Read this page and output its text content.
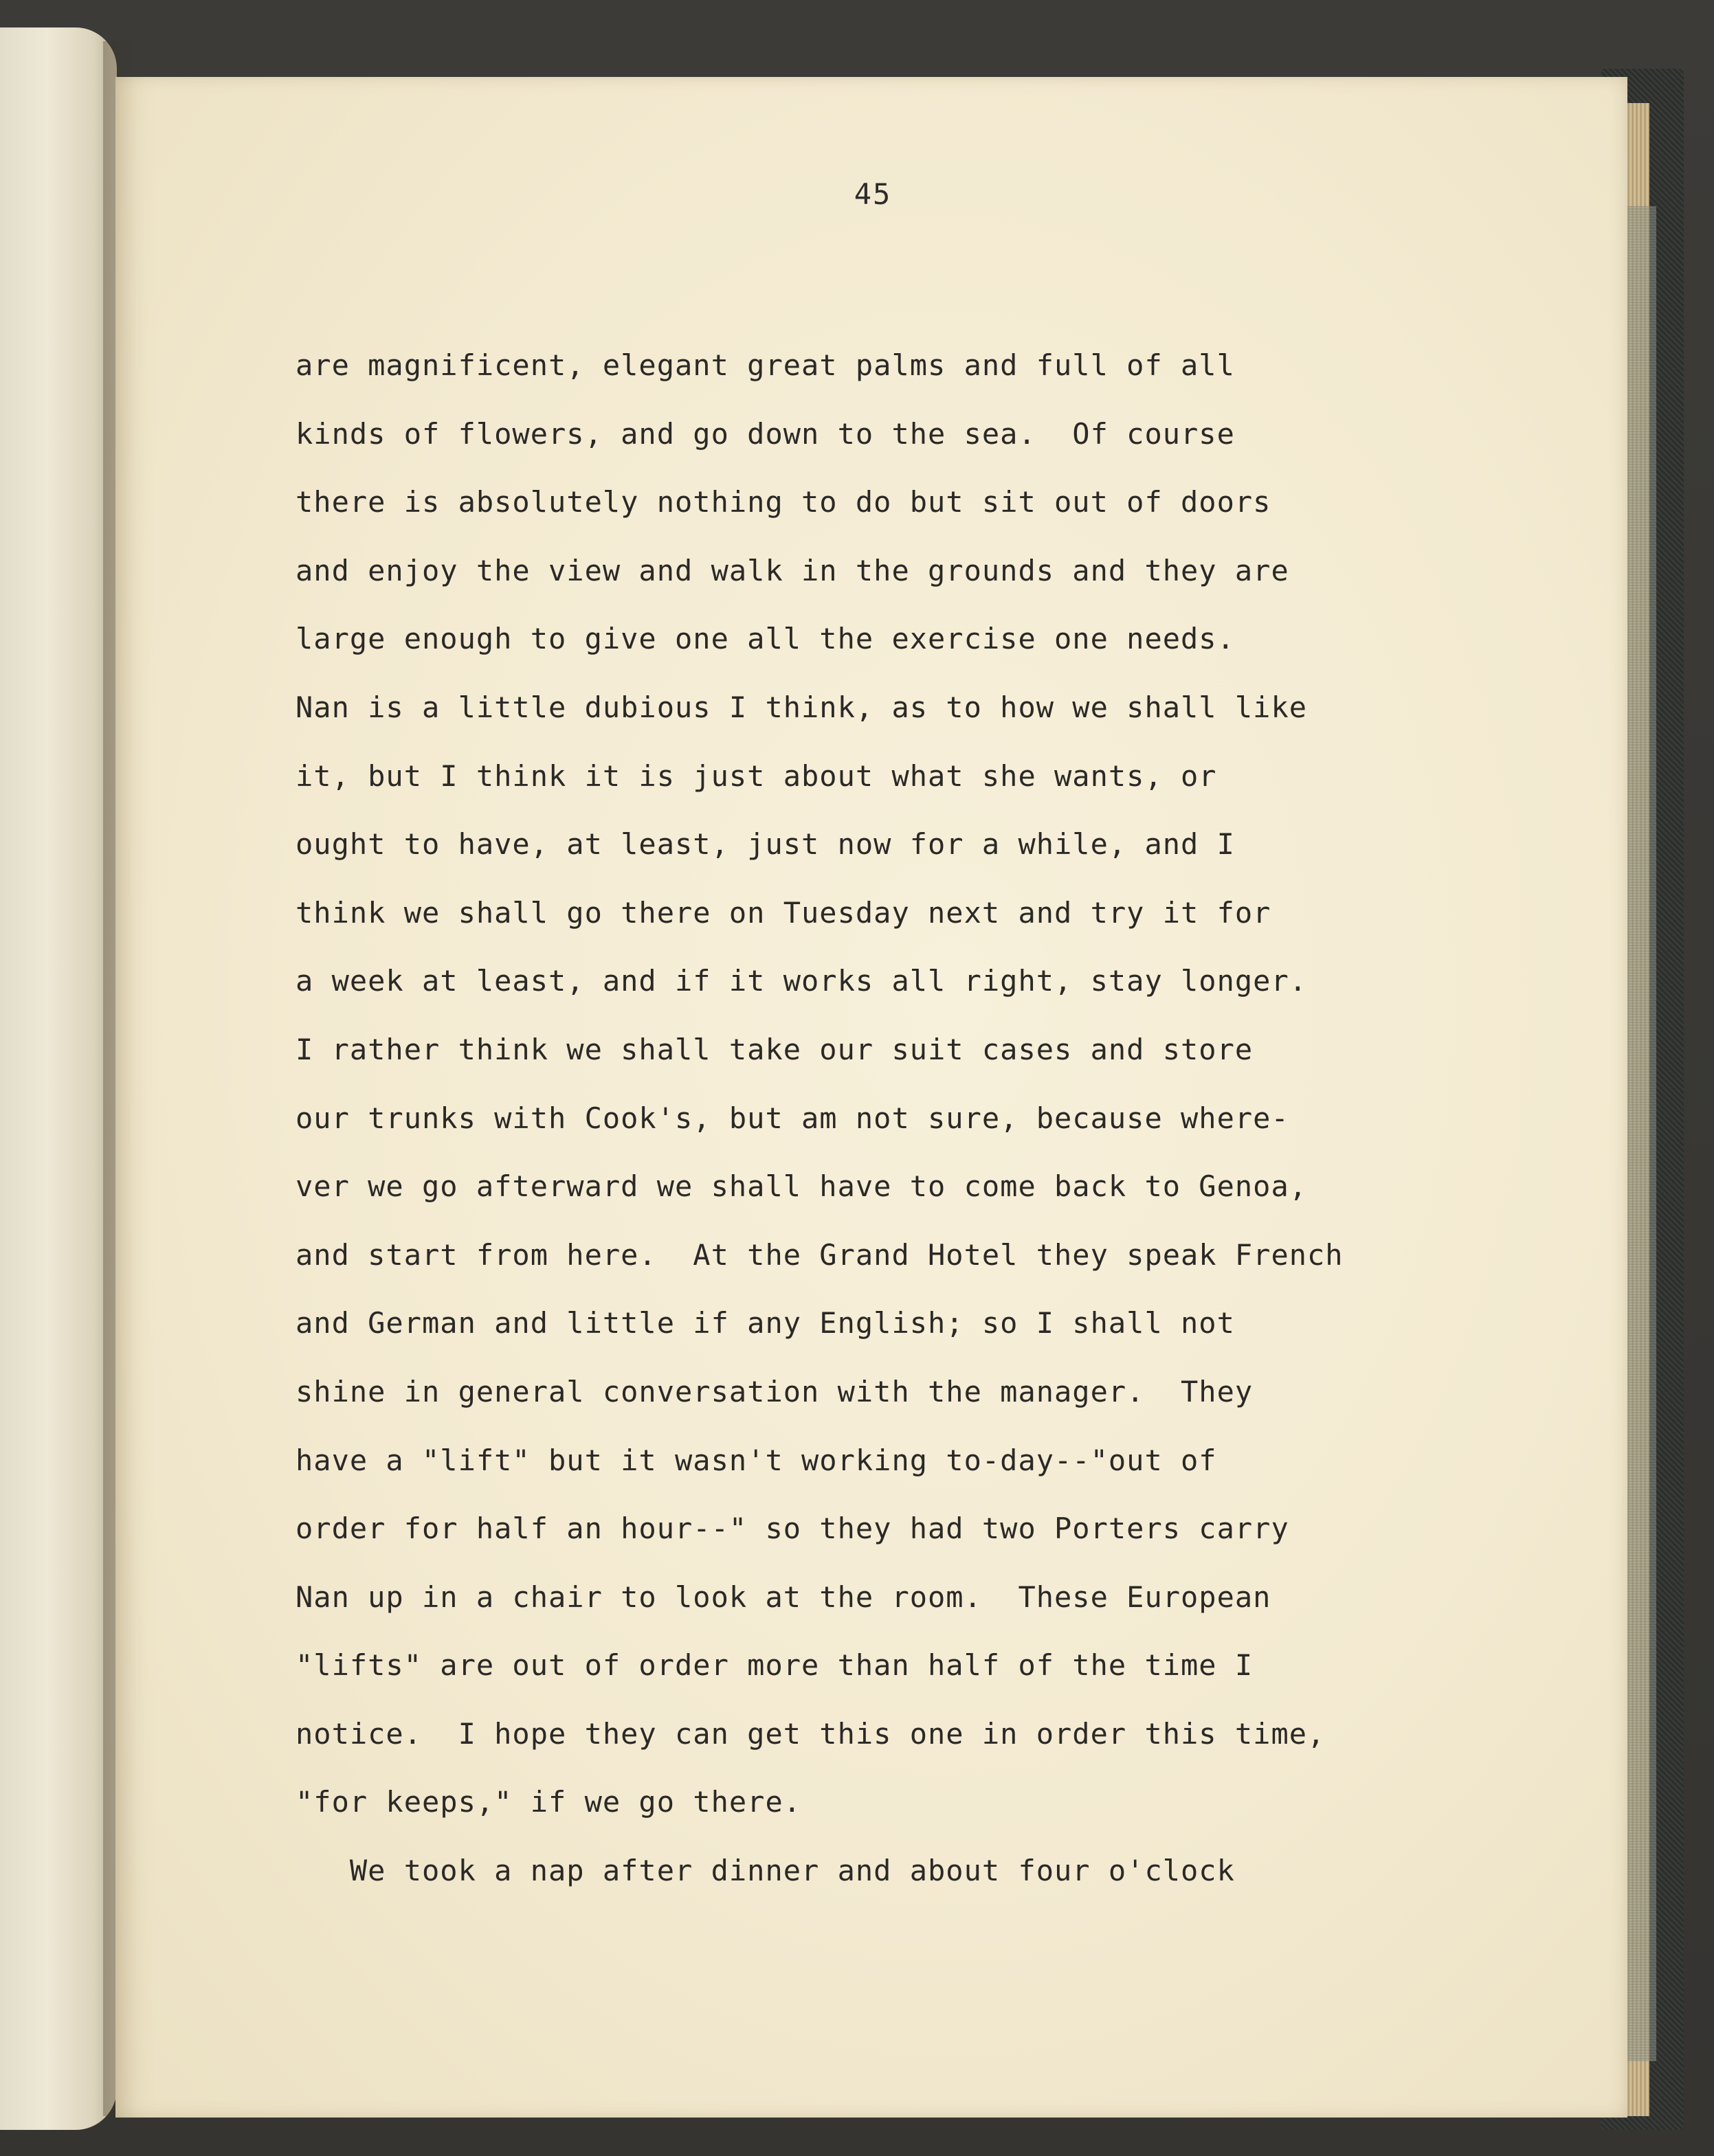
45
are magnificent, elegant great palms and full of all
kinds of flowers, and go down to the sea.  Of course
there is absolutely nothing to do but sit out of doors
and enjoy the view and walk in the grounds and they are
large enough to give one all the exercise one needs.
Nan is a little dubious I think, as to how we shall like
it, but I think it is just about what she wants, or
ought to have, at least, just now for a while, and I
think we shall go there on Tuesday next and try it for
a week at least, and if it works all right, stay longer.
I rather think we shall take our suit cases and store
our trunks with Cook's, but am not sure, because where-
ver we go afterward we shall have to come back to Genoa,
and start from here.  At the Grand Hotel they speak French
and German and little if any English; so I shall not
shine in general conversation with the manager.  They
have a "lift" but it wasn't working to-day--"out of
order for half an hour--" so they had two Porters carry
Nan up in a chair to look at the room.  These European
"lifts" are out of order more than half of the time I
notice.  I hope they can get this one in order this time,
"for keeps," if we go there.
We took a nap after dinner and about four o'clock
